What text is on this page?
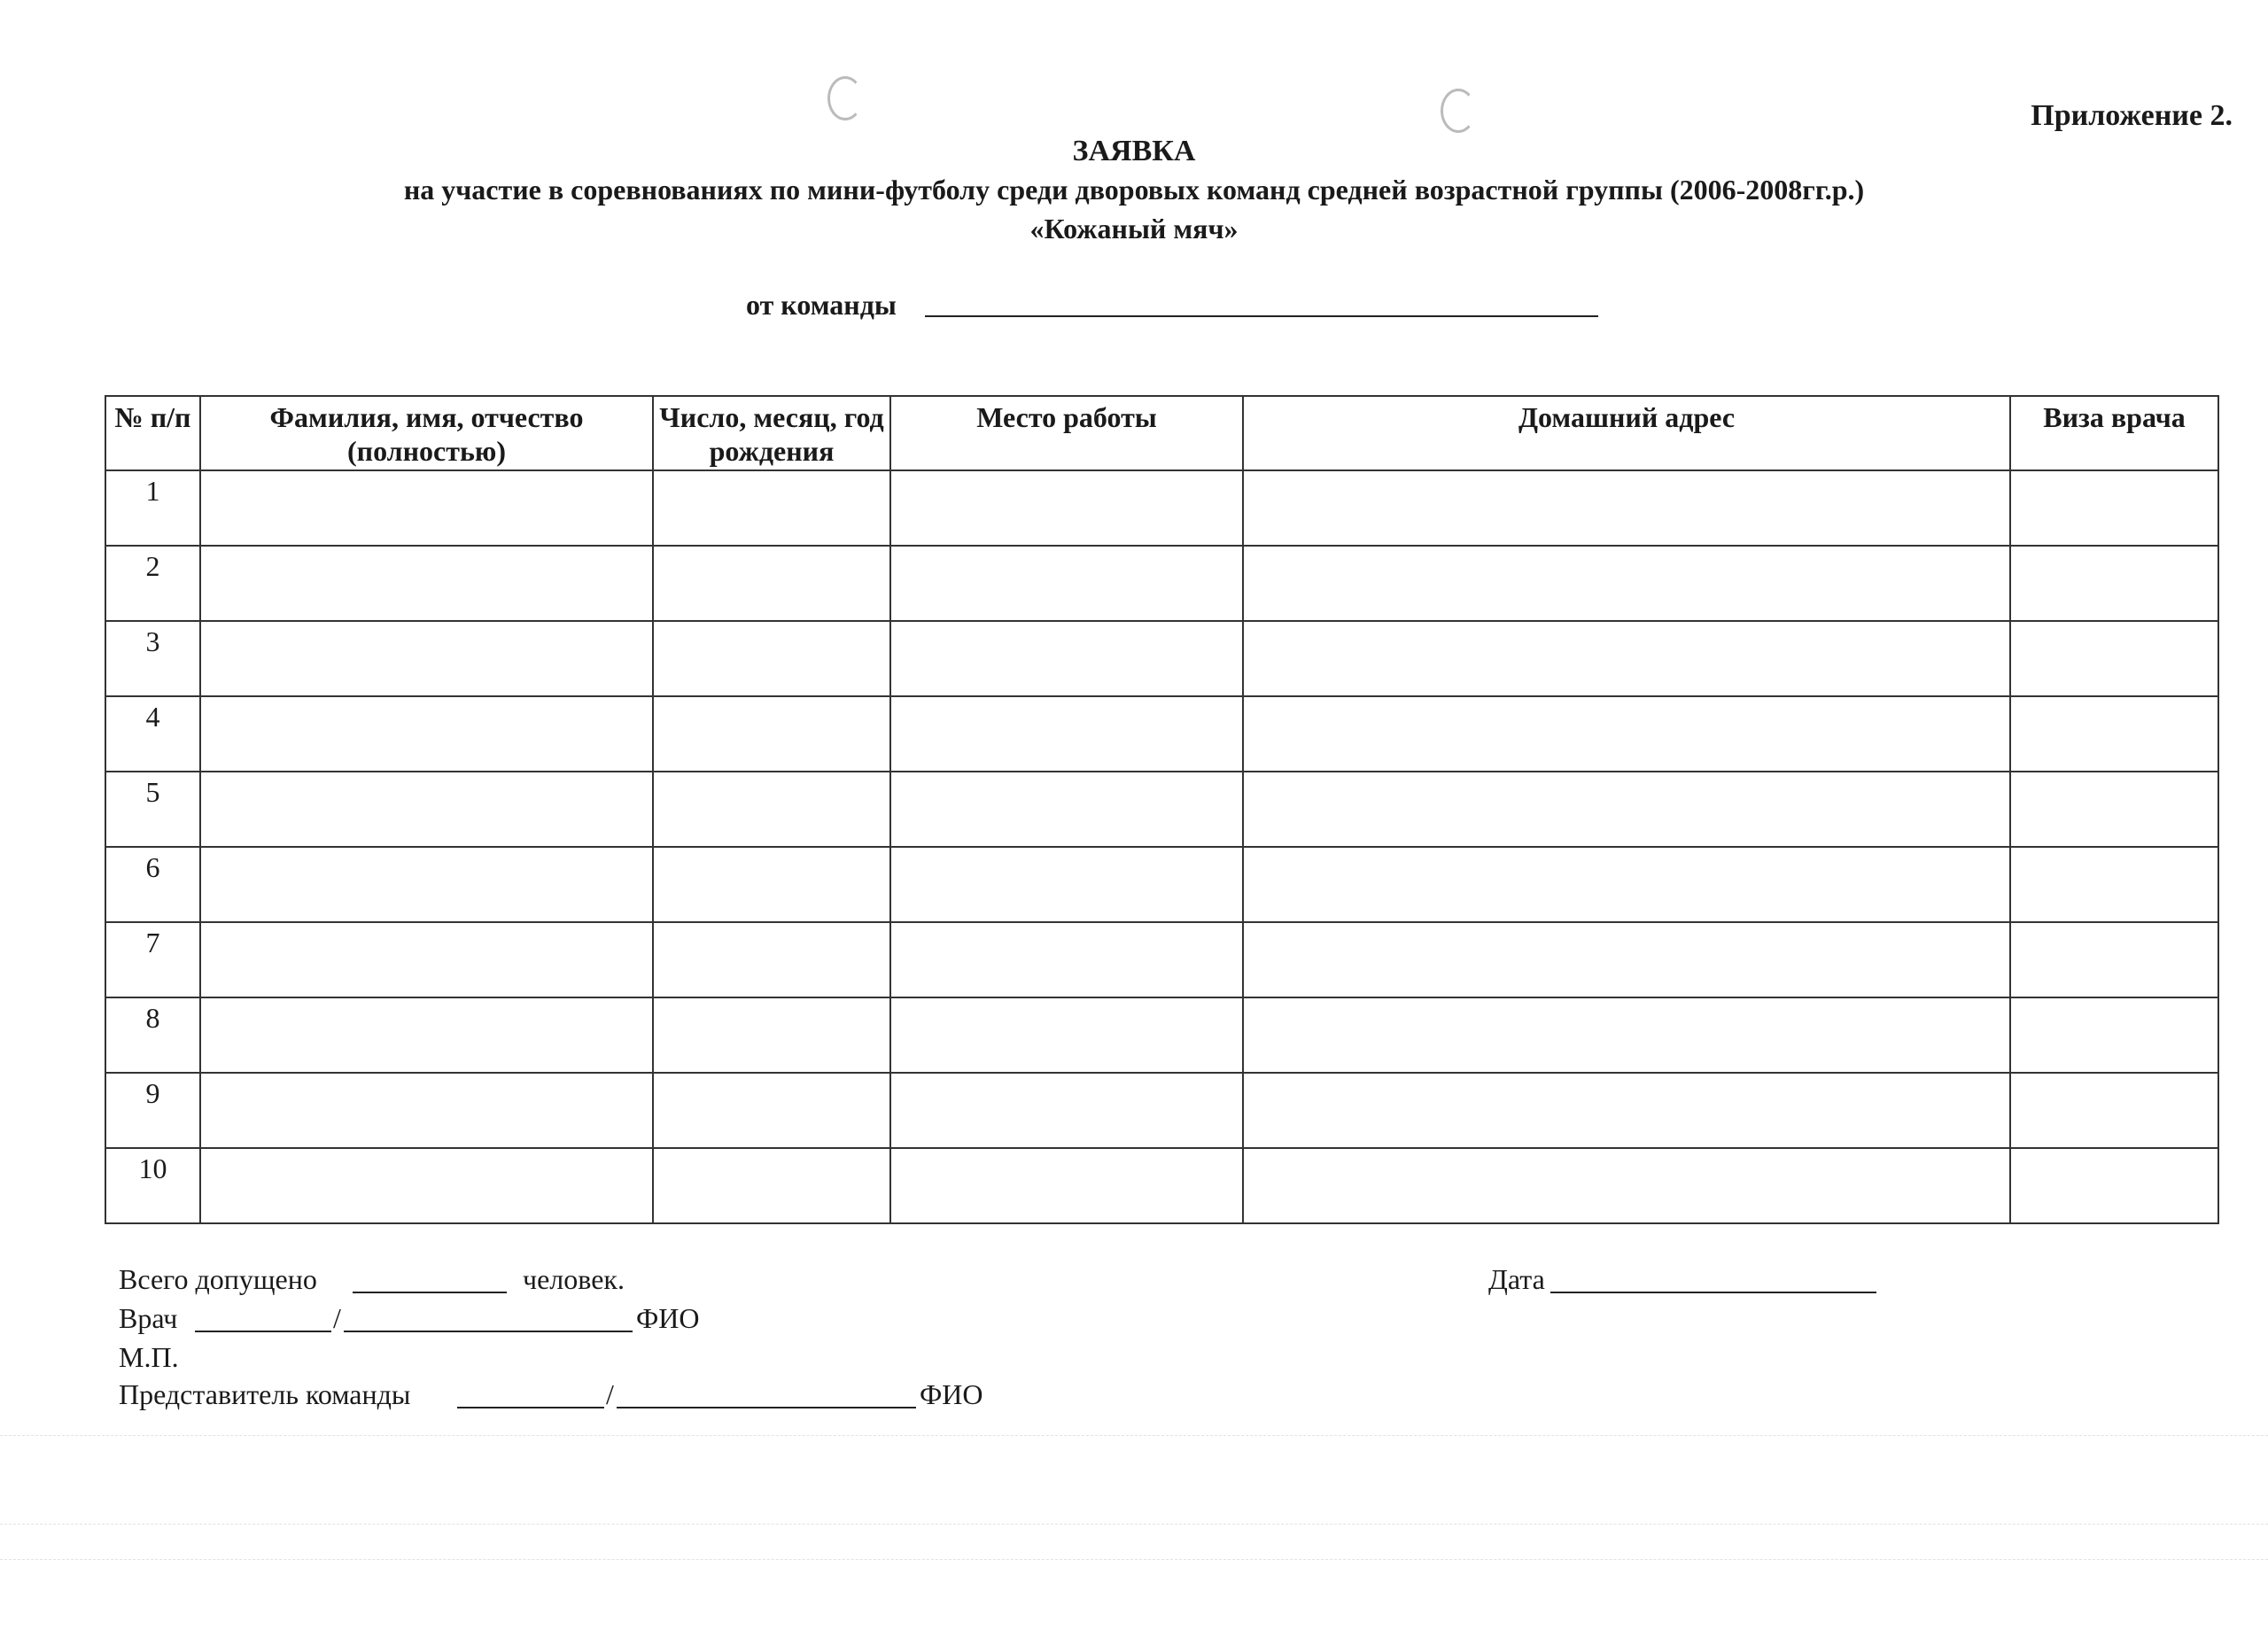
Приложение 2.
ЗАЯВКА
на участие в соревнованиях по мини-футболу среди дворовых команд средней возрастной группы (2006-2008гг.р.)
«Кожаный мяч»
от команды
№ п/п	Фамилия, имя, отчество (полностью)	Число, месяц, год рождения	Место работы	Домашний адрес	Виза врача
1					
2					
3					
4					
5					
6					
7					
8					
9					
10					
Всего допущено	человек.	Дата
Врач	/	ФИО
М.П.
Представитель команды	/	ФИО
